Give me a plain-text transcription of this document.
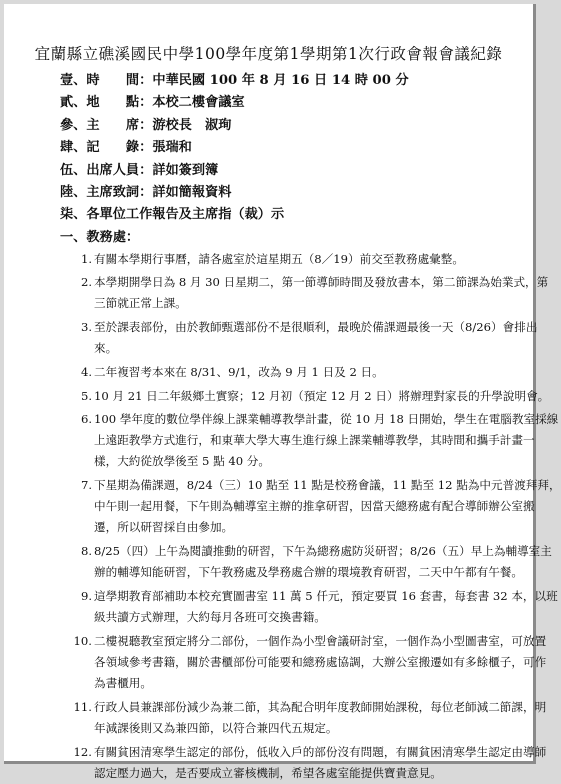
宜蘭縣立礁溪國民中學100學年度第1學期第1次行政會報會議紀錄
壹、時　　間：中華民國 100 年 8 月 16 日 14 時 00 分
貳、地　　點：本校二樓會議室
參、主　　席：游校長　淑珣
肆、記　　錄：張瑞和
伍、出席人員：詳如簽到簿
陸、主席致詞：詳如簡報資料
柒、各單位工作報告及主席指（裁）示
一、教務處：
1. 有關本學期行事曆，請各處室於這星期五（8／19）前交至教務處彙整。
2. 本學期開學日為 8 月 30 日星期二，第一節導師時間及發放書本，第二節課為始業式，第
三節就正常上課。
3. 至於課表部份，由於教師甄選部份不是很順利，最晚於備課週最後一天（8/26）會排出
來。
4. 二年複習考本來在 8/31、9/1，改為 9 月 1 日及 2 日。
5. 10 月 21 日二年級鄉土實察；12 月初（預定 12 月 2 日）將辦理對家長的升學說明會。
6. 100 學年度的數位學伴線上課業輔導教學計畫，從 10 月 18 日開始，學生在電腦教室採線
上遠距教學方式進行，和東華大學大專生進行線上課業輔導教學，其時間和攜手計畫一
樣，大約從放學後至 5 點 40 分。
7. 下星期為備課週，8/24（三）10 點至 11 點是校務會議，11 點至 12 點為中元普渡拜拜，
中午則一起用餐，下午則為輔導室主辦的推拿研習，因當天總務處有配合導師辦公室搬
遷，所以研習採自由參加。
8. 8/25（四）上午為閱讀推動的研習，下午為總務處防災研習；8/26（五）早上為輔導室主
辦的輔導知能研習，下午教務處及學務處合辦的環境教育研習，二天中午都有午餐。
9. 這學期教育部補助本校充實圖書室 11 萬 5 仟元，預定要買 16 套書，每套書 32 本，以班
級共讀方式辦理，大約每月各班可交換書籍。
10. 二樓視聽教室預定將分二部份，一個作為小型會議研討室，一個作為小型圖書室，可放置
各領域參考書籍，關於書櫃部份可能要和總務處協調，大辦公室搬遷如有多餘櫃子，可作
為書櫃用。
11. 行政人員兼課部份減少為兼二節，其為配合明年度教師開始課稅，每位老師減二節課，明
年減課後則又為兼四節，以符合兼四代五規定。
12. 有關貧困清寒學生認定的部份，低收入戶的部份沒有問題，有關貧困清寒學生認定由導師
認定壓力過大，是否要成立審核機制，希望各處室能提供寶貴意見。
